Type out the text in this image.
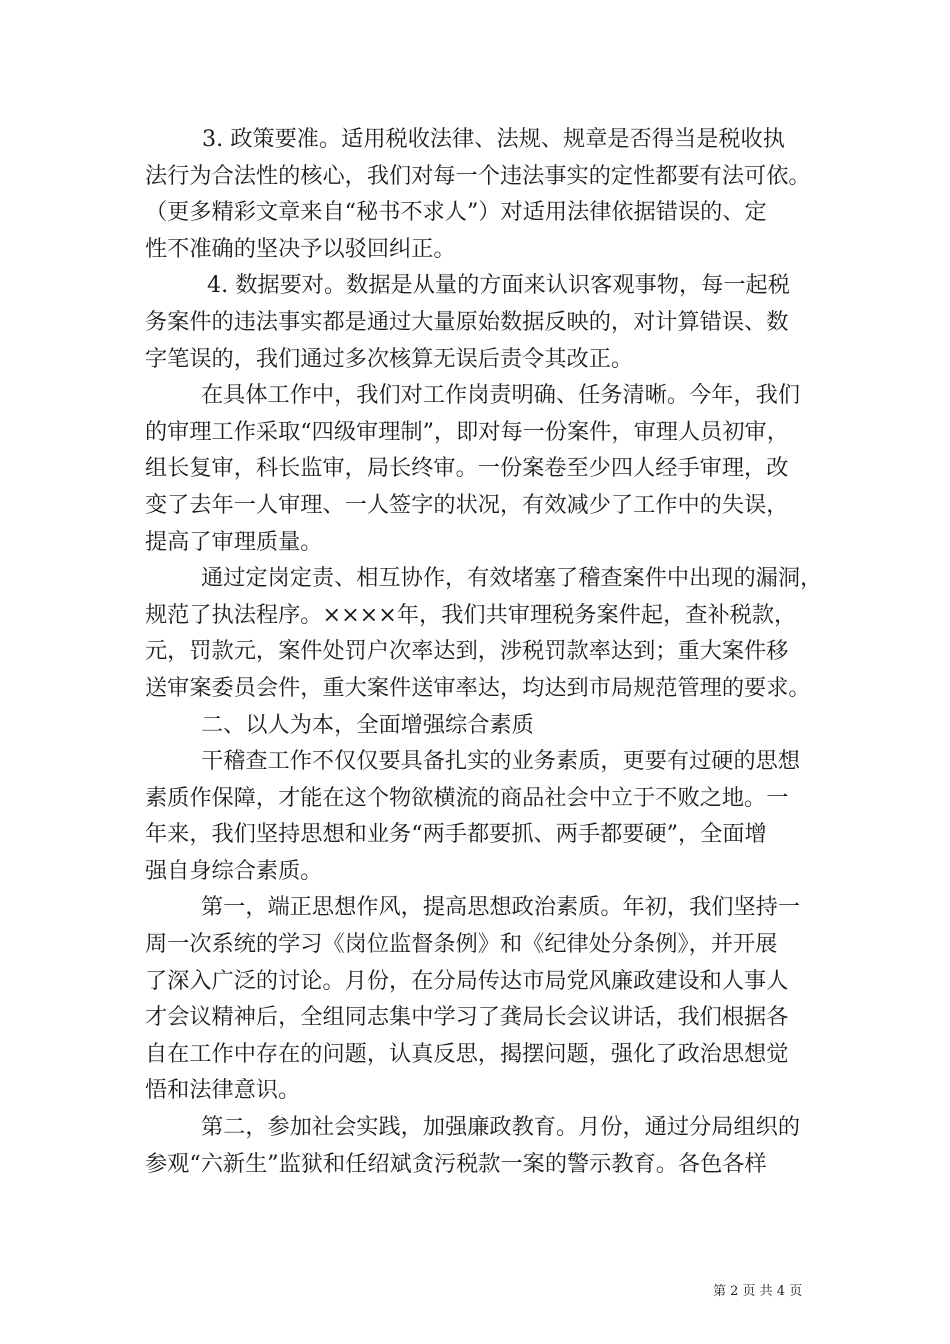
3. 政策要准。适用税收法律、法规、规章是否得当是税收执
法行为合法性的核心，我们对每一个违法事实的定性都要有法可依。
（更多精彩文章来自“秘书不求人”）对适用法律依据错误的、定
性不准确的坚决予以驳回纠正。

4. 数据要对。数据是从量的方面来认识客观事物，每一起税
务案件的违法事实都是通过大量原始数据反映的，对计算错误、数
字笔误的，我们通过多次核算无误后责令其改正。

在具体工作中，我们对工作岗责明确、任务清晰。今年，我们
的审理工作采取“四级审理制”，即对每一份案件，审理人员初审，
组长复审，科长监审，局长终审。一份案卷至少四人经手审理，改
变了去年一人审理、一人签字的状况，有效减少了工作中的失误，
提高了审理质量。

通过定岗定责、相互协作，有效堵塞了稽查案件中出现的漏洞，
规范了执法程序。××××年，我们共审理税务案件起，查补税款，
元，罚款元，案件处罚户次率达到，涉税罚款率达到；重大案件移
送审案委员会件，重大案件送审率达，均达到市局规范管理的要求。

二、以人为本，全面增强综合素质

干稽查工作不仅仅要具备扎实的业务素质，更要有过硬的思想
素质作保障，才能在这个物欲横流的商品社会中立于不败之地。一
年来，我们坚持思想和业务“两手都要抓、两手都要硬”，全面增
强自身综合素质。

第一，端正思想作风，提高思想政治素质。年初，我们坚持一
周一次系统的学习《岗位监督条例》和《纪律处分条例》，并开展
了深入广泛的讨论。月份，在分局传达市局党风廉政建设和人事人
才会议精神后，全组同志集中学习了龚局长会议讲话，我们根据各
自在工作中存在的问题，认真反思，揭摆问题，强化了政治思想觉
悟和法律意识。

第二，参加社会实践，加强廉政教育。月份，通过分局组织的
参观“六新生”监狱和任绍斌贪污税款一案的警示教育。各色各样

第 2 页 共 4 页
